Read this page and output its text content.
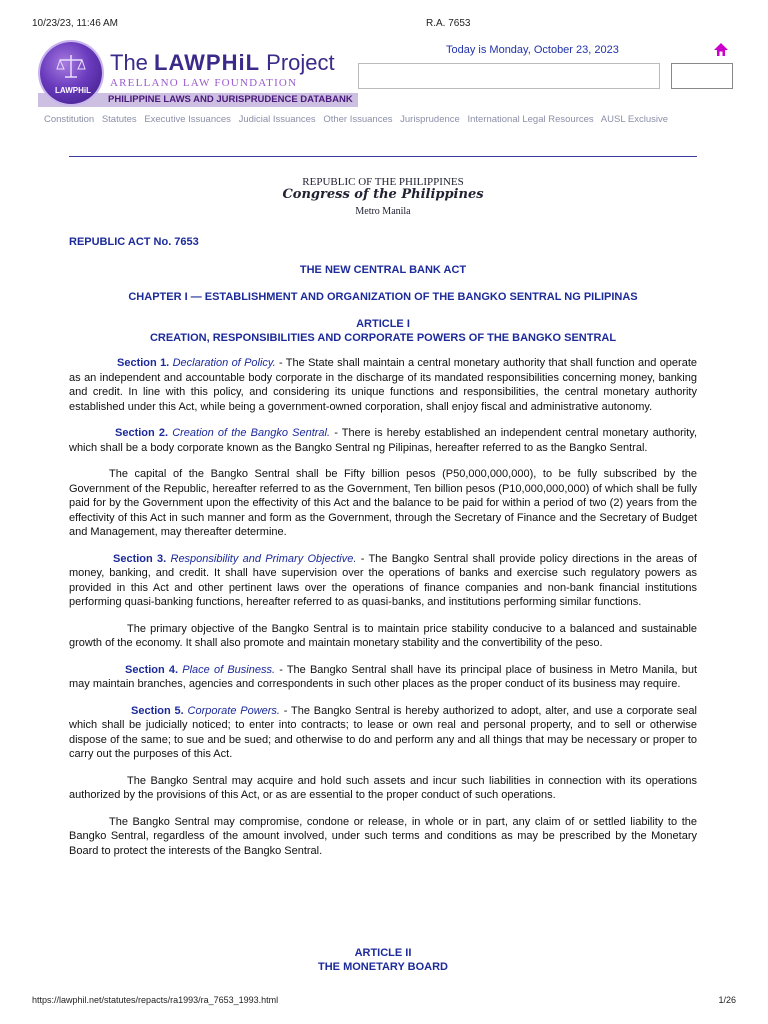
10/23/23, 11:46 AM	R.A. 7653
PHILIPPINE LAWS AND JURISPRUDENCE DATABANK
LAWPHiL
The LAWPHiL Project
ARELLANO LAW FOUNDATION
Today is Monday, October 23, 2023
Constitution Statutes Executive Issuances Judicial Issuances Other Issuances Jurisprudence International Legal Resources AUSL Exclusive
REPUBLIC OF THE PHILIPPINES
Congress of the Philippines
Metro Manila
REPUBLIC ACT No. 7653
THE NEW CENTRAL BANK ACT
CHAPTER I — ESTABLISHMENT AND ORGANIZATION OF THE BANGKO SENTRAL NG PILIPINAS
ARTICLE I
CREATION, RESPONSIBILITIES AND CORPORATE POWERS OF THE BANGKO SENTRAL

Section 1. Declaration of Policy. - The State shall maintain a central monetary authority that shall function and operate as an independent and accountable body corporate in the discharge of its mandated responsibilities concerning money, banking and credit. In line with this policy, and considering its unique functions and responsibilities, the central monetary authority established under this Act, while being a government-owned corporation, shall enjoy fiscal and administrative autonomy.

Section 2. Creation of the Bangko Sentral. - There is hereby established an independent central monetary authority, which shall be a body corporate known as the Bangko Sentral ng Pilipinas, hereafter referred to as the Bangko Sentral.

The capital of the Bangko Sentral shall be Fifty billion pesos (P50,000,000,000), to be fully subscribed by the Government of the Republic, hereafter referred to as the Government, Ten billion pesos (P10,000,000,000) of which shall be fully paid for by the Government upon the effectivity of this Act and the balance to be paid for within a period of two (2) years from the effectivity of this Act in such manner and form as the Government, through the Secretary of Finance and the Secretary of Budget and Management, may thereafter determine.

Section 3. Responsibility and Primary Objective. - The Bangko Sentral shall provide policy directions in the areas of money, banking, and credit. It shall have supervision over the operations of banks and exercise such regulatory powers as provided in this Act and other pertinent laws over the operations of finance companies and non-bank financial institutions performing quasi-banking functions, hereafter referred to as quasi-banks, and institutions performing similar functions.

The primary objective of the Bangko Sentral is to maintain price stability conducive to a balanced and sustainable growth of the economy. It shall also promote and maintain monetary stability and the convertibility of the peso.

Section 4. Place of Business. - The Bangko Sentral shall have its principal place of business in Metro Manila, but may maintain branches, agencies and correspondents in such other places as the proper conduct of its business may require.

Section 5. Corporate Powers. - The Bangko Sentral is hereby authorized to adopt, alter, and use a corporate seal which shall be judicially noticed; to enter into contracts; to lease or own real and personal property, and to sell or otherwise dispose of the same; to sue and be sued; and otherwise to do and perform any and all things that may be necessary or proper to carry out the purposes of this Act.

The Bangko Sentral may acquire and hold such assets and incur such liabilities in connection with its operations authorized by the provisions of this Act, or as are essential to the proper conduct of such operations.

The Bangko Sentral may compromise, condone or release, in whole or in part, any claim of or settled liability to the Bangko Sentral, regardless of the amount involved, under such terms and conditions as may be prescribed by the Monetary Board to protect the interests of the Bangko Sentral.

ARTICLE II
THE MONETARY BOARD
https://lawphil.net/statutes/repacts/ra1993/ra_7653_1993.html	1/26
